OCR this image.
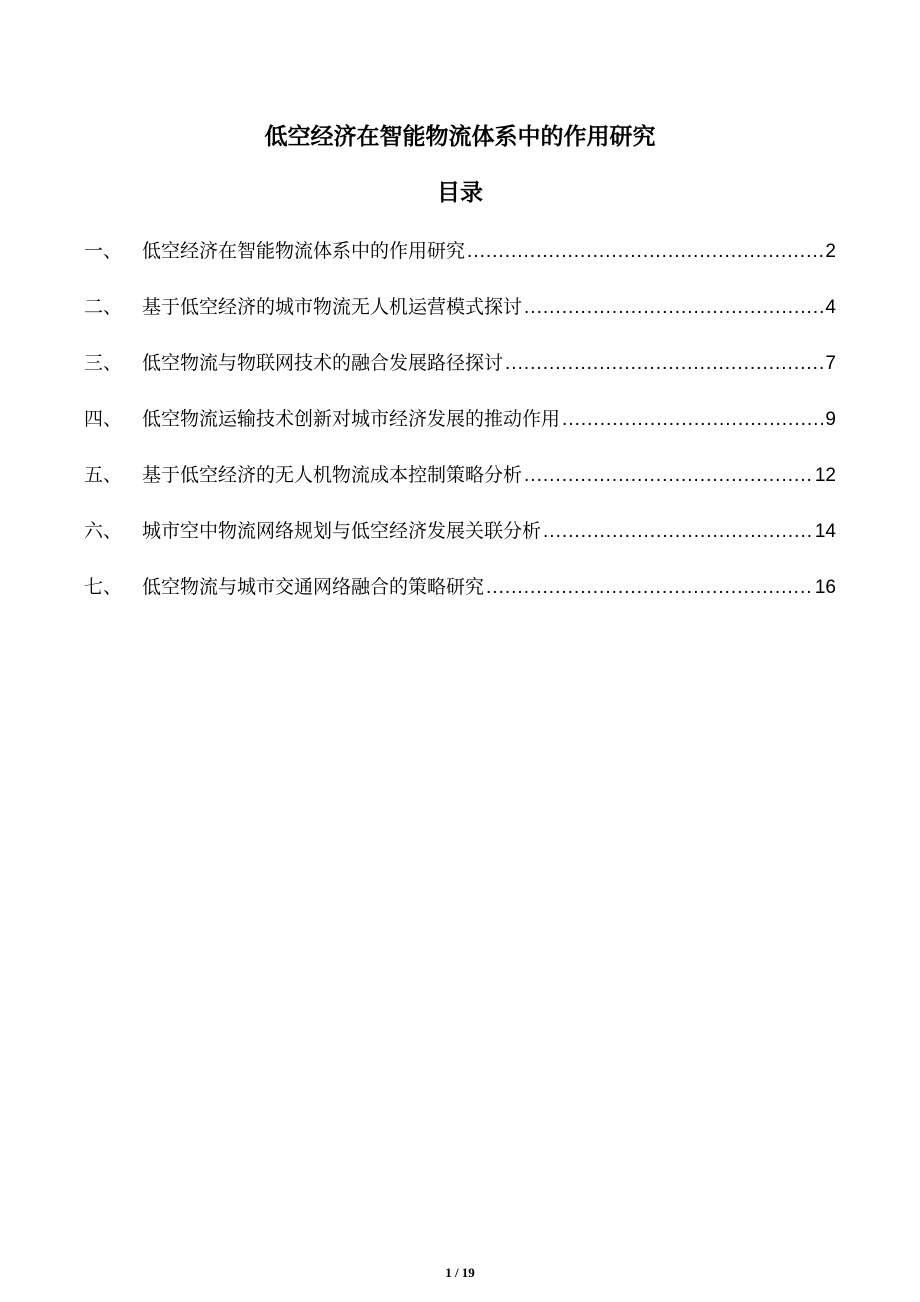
低空经济在智能物流体系中的作用研究
目录
一、	低空经济在智能物流体系中的作用研究 .....	2
二、	基于低空经济的城市物流无人机运营模式探讨 .....	4
三、	低空物流与物联网技术的融合发展路径探讨 .....	7
四、	低空物流运输技术创新对城市经济发展的推动作用 .....	9
五、	基于低空经济的无人机物流成本控制策略分析 .....	12
六、	城市空中物流网络规划与低空经济发展关联分析 .....	14
七、	低空物流与城市交通网络融合的策略研究 .....	16
1 / 19
